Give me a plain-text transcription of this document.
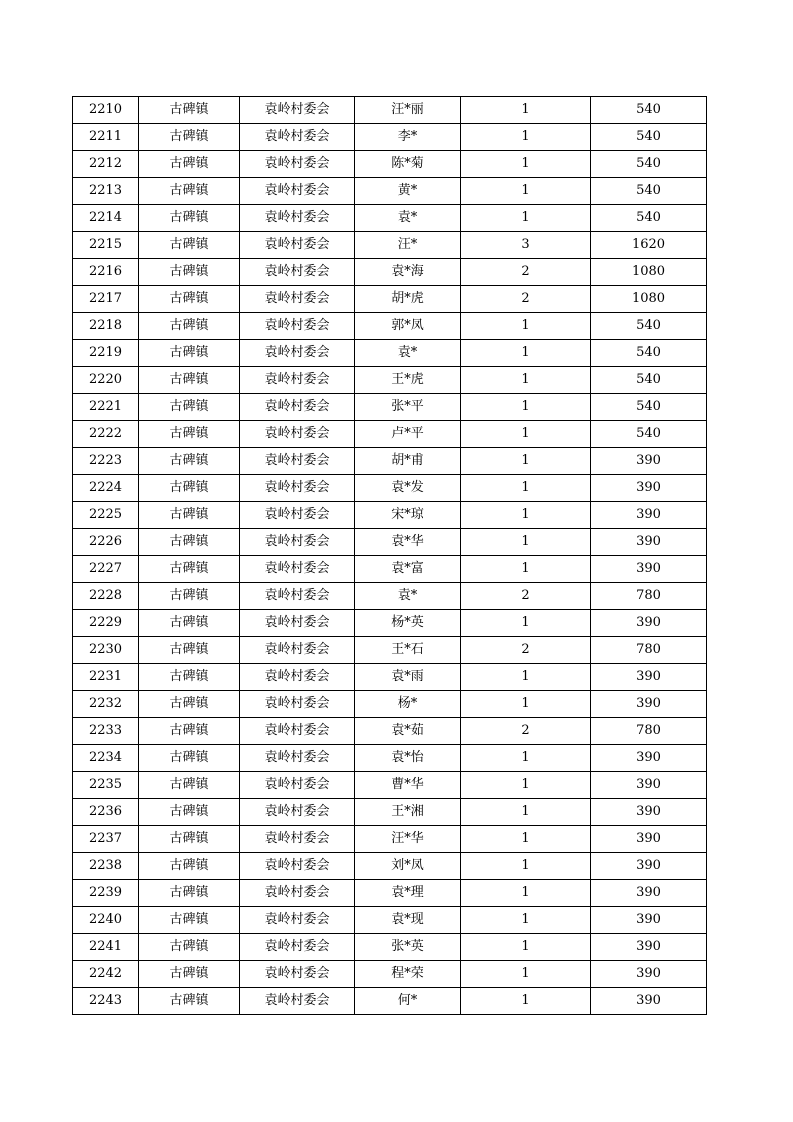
2210	古碑镇	袁岭村委会	汪*丽	1	540
2211	古碑镇	袁岭村委会	李*	1	540
2212	古碑镇	袁岭村委会	陈*菊	1	540
2213	古碑镇	袁岭村委会	黄*	1	540
2214	古碑镇	袁岭村委会	袁*	1	540
2215	古碑镇	袁岭村委会	汪*	3	1620
2216	古碑镇	袁岭村委会	袁*海	2	1080
2217	古碑镇	袁岭村委会	胡*虎	2	1080
2218	古碑镇	袁岭村委会	郭*凤	1	540
2219	古碑镇	袁岭村委会	袁*	1	540
2220	古碑镇	袁岭村委会	王*虎	1	540
2221	古碑镇	袁岭村委会	张*平	1	540
2222	古碑镇	袁岭村委会	卢*平	1	540
2223	古碑镇	袁岭村委会	胡*甫	1	390
2224	古碑镇	袁岭村委会	袁*发	1	390
2225	古碑镇	袁岭村委会	宋*琼	1	390
2226	古碑镇	袁岭村委会	袁*华	1	390
2227	古碑镇	袁岭村委会	袁*富	1	390
2228	古碑镇	袁岭村委会	袁*	2	780
2229	古碑镇	袁岭村委会	杨*英	1	390
2230	古碑镇	袁岭村委会	王*石	2	780
2231	古碑镇	袁岭村委会	袁*雨	1	390
2232	古碑镇	袁岭村委会	杨*	1	390
2233	古碑镇	袁岭村委会	袁*茹	2	780
2234	古碑镇	袁岭村委会	袁*怡	1	390
2235	古碑镇	袁岭村委会	曹*华	1	390
2236	古碑镇	袁岭村委会	王*湘	1	390
2237	古碑镇	袁岭村委会	汪*华	1	390
2238	古碑镇	袁岭村委会	刘*凤	1	390
2239	古碑镇	袁岭村委会	袁*理	1	390
2240	古碑镇	袁岭村委会	袁*现	1	390
2241	古碑镇	袁岭村委会	张*英	1	390
2242	古碑镇	袁岭村委会	程*荣	1	390
2243	古碑镇	袁岭村委会	何*	1	390
